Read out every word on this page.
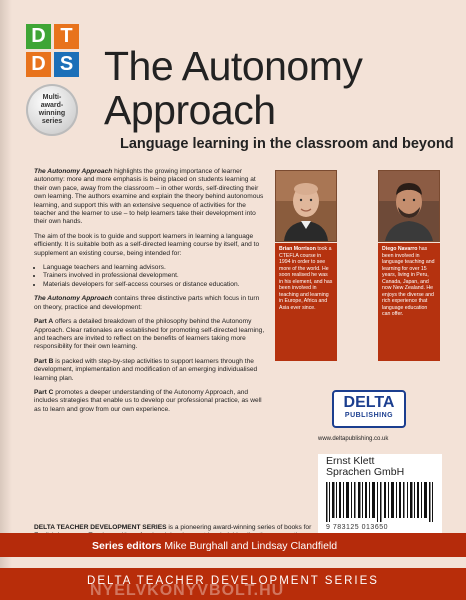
D T
D S
Multi-
award-
winning
series
The Autonomy
Approach
Language learning in the classroom and beyond

The Autonomy Approach highlights the growing importance of learner autonomy: more and more emphasis is being placed on students learning at their own pace, away from the classroom – in other words, self-directing their own learning. The authors examine and explain the theory behind autonomous learning, and support this with an extensive sequence of activities for the teacher and the learner to use – to help learners take their development into their own hands.

The aim of the book is to guide and support learners in learning a language efficiently. It is suitable both as a self-directed learning course by itself, and to supplement an existing course, being intended for:

• Language teachers and learning advisors.
• Trainers involved in professional development.
• Materials developers for self-access courses or distance education.

The Autonomy Approach contains three distinctive parts which focus in turn on theory, practice and development:

Part A offers a detailed breakdown of the philosophy behind the Autonomy Approach. Clear rationales are established for promoting self-directed learning, and teachers are invited to reflect on the benefits of learners taking more responsibility for their own learning.

Part B is packed with step-by-step activities to support learners through the development, implementation and modification of an emerging individualised learning plan.

Part C promotes a deeper understanding of the Autonomy Approach, and includes strategies that enable us to develop our professional practice, as well as to learn and grow from our own experience.

Brian Morrison took a CTEFLA course in 1994 in order to see more of the world. He soon realised he was in his element, and has been involved in teaching and learning in Europe, Africa and Asia ever since.
Diego Navarro has been involved in language teaching and learning for over 15 years, living in Peru, Canada, Japan, and now New Zealand. He enjoys the diverse and rich experience that language education can offer.
DELTA
PUBLISHING
www.deltapublishing.co.uk
Ernst Klett
Sprachen GmbH
9 783125 013650
DELTA TEACHER DEVELOPMENT SERIES is a pioneering award-winning series of books for
Series editors Mike Burghall and Lindsay Clandfield
DELTA TEACHER DEVELOPMENT SERIES
NYELVKONYVBOLT.HU
